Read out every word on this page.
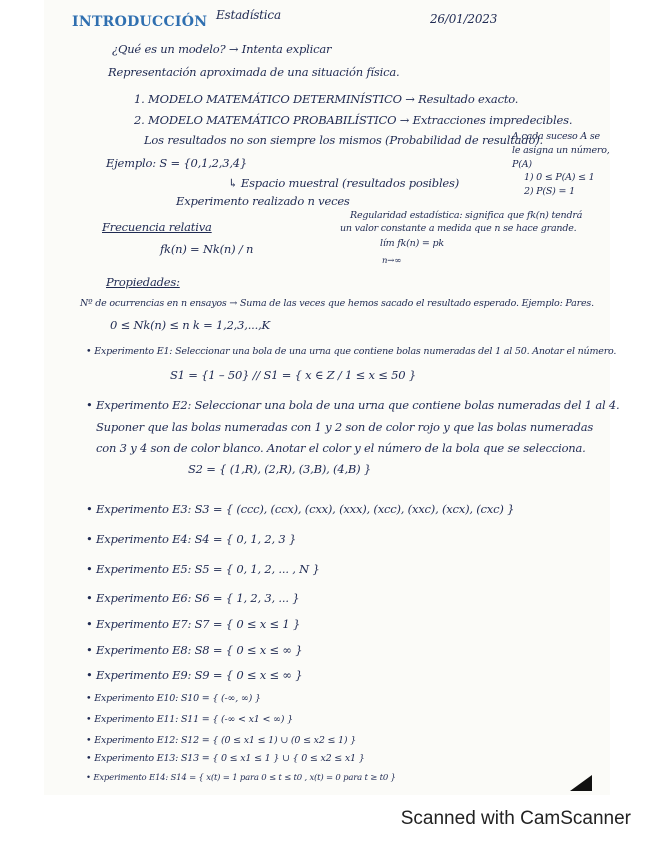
INTRODUCCIÓN Estadística	26/01/2023
¿Qué es un modelo? → Intenta explicar
Representación aproximada de una situación física.
1. MODELO MATEMÁTICO DETERMINÍSTICO → Resultado exacto.
2. MODELO MATEMÁTICO PROBABILÍSTICO → Extracciones impredecibles.
Los resultados no son siempre los mismos (Probabilidad de resultado).
Ejemplo: S = {0,1,2,3,4}
↳ Espacio muestral (resultados posibles)
Experimento realizado n veces
A cada suceso A se
le asigna un número,
P(A)
1) 0 ≤ P(A) ≤ 1
2) P(S) = 1
Frecuencia relativa
fk(n) = Nk(n) / n
Regularidad estadística: significa que fk(n) tendrá
un valor constante a medida que n se hace grande.
lím fk(n) = pk
n→∞
Propiedades:
Nº de ocurrencias en n ensayos → Suma de las veces que hemos sacado el resultado esperado. Ejemplo: Pares.
0 ≤ Nk(n) ≤ n k = 1,2,3,...,K
• Experimento E1: Seleccionar una bola de una urna que contiene bolas numeradas del 1 al 50. Anotar el número.
S1 = {1 – 50} // S1 = { x ∈ Z / 1 ≤ x ≤ 50 }
• Experimento E2: Seleccionar una bola de una urna que contiene bolas numeradas del 1 al 4.
Suponer que las bolas numeradas con 1 y 2 son de color rojo y que las bolas numeradas
con 3 y 4 son de color blanco. Anotar el color y el número de la bola que se selecciona.
S2 = { (1,R), (2,R), (3,B), (4,B) }
• Experimento E3: S3 = { (ccc), (ccx), (cxx), (xxx), (xcc), (xxc), (xcx), (cxc) }
• Experimento E4: S4 = { 0, 1, 2, 3 }
• Experimento E5: S5 = { 0, 1, 2, ... , N }
• Experimento E6: S6 = { 1, 2, 3, ... }
• Experimento E7: S7 = { 0 ≤ x ≤ 1 }
• Experimento E8: S8 = { 0 ≤ x ≤ ∞ }
• Experimento E9: S9 = { 0 ≤ x ≤ ∞ }
• Experimento E10: S10 = { (-∞, ∞) }
• Experimento E11: S11 = { (-∞ < x1 < ∞) }
• Experimento E12: S12 = { (0 ≤ x1 ≤ 1) ∪ (0 ≤ x2 ≤ 1) }
• Experimento E13: S13 = { 0 ≤ x1 ≤ 1 } ∪ { 0 ≤ x2 ≤ x1 }
• Experimento E14: S14 = { x(t) = 1 para 0 ≤ t ≤ t0 , x(t) = 0 para t ≥ t0 }
Scanned with CamScanner
